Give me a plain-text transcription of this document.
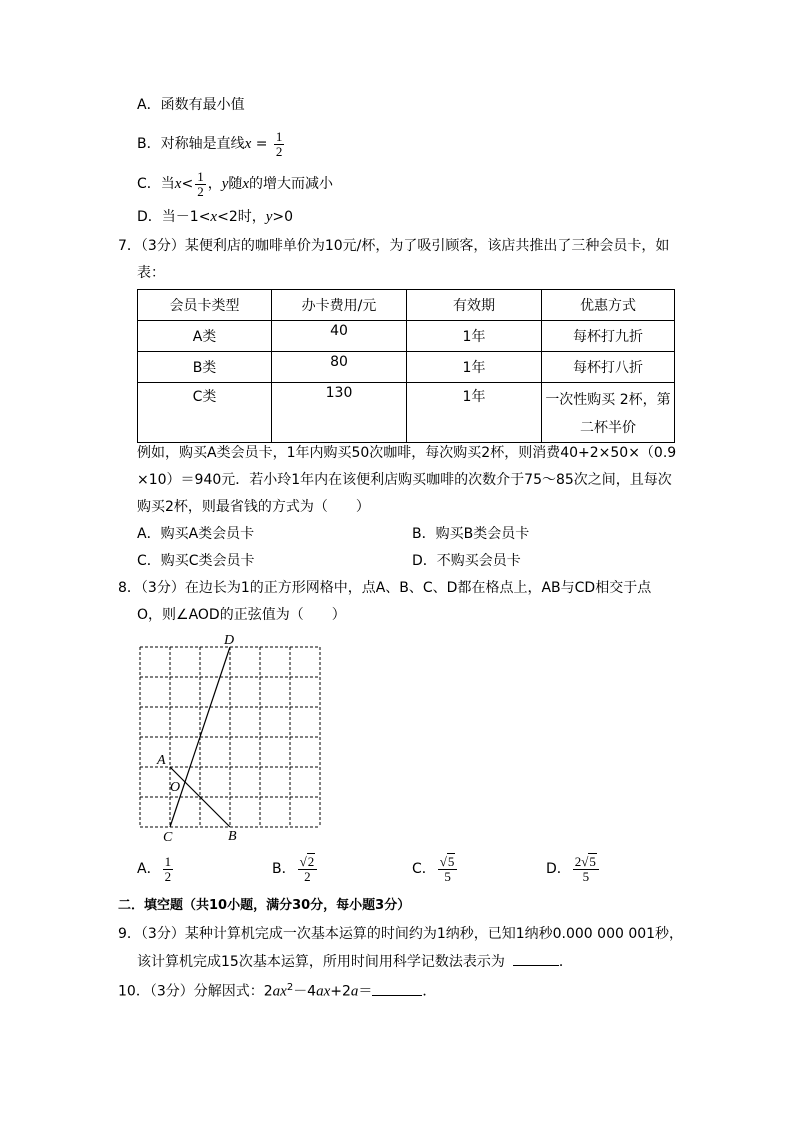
A．函数有最小值
B．对称轴是直线$x = \frac{1}{2}$
C．当$x< \frac{1}{2}$ ，y随x的增大而减小
D．当－1<x<2时，y>0
7．（3分）某便利店的咖啡单价为10元/杯，为了吸引顾客，该店共推出了三种会员卡，如
表：
会员卡类型	办卡费用/元	有效期	优惠方式
A类	40	1年	每杯打九折
B类	80	1年	每杯打八折
C类	130	1年	一次性购买 2杯，第
二杯半价
例如，购买A类会员卡，1年内购买50次咖啡，每次购买2杯，则消费40+2×50×（0.9
×10）＝940元．若小玲1年内在该便利店购买咖啡的次数介于75～85次之间，且每次
购买2杯，则最省钱的方式为（　　）
A．购买A类会员卡	B．购买B类会员卡
C．购买C类会员卡	D．不购买会员卡
8．（3分）在边长为1的正方形网格中，点A、B、C、D都在格点上，AB与CD相交于点
O，则∠AOD的正弦值为（　　）
D
A
O
C	B
A． $\frac{1}{2}$	B． $\frac{√2}{2}$	C． $\frac{√5}{5}$	D． $\frac{2√5}{5}$
二．填空题（共10小题，满分30分，每小题3分）
9．（3分）某种计算机完成一次基本运算的时间约为1纳秒，已知1纳秒0.000 000 001秒，
该计算机完成15次基本运算，所用时间用科学记数法表示为	．
10．（3分）分解因式：$2ax^2-4ax+2a=$	．
